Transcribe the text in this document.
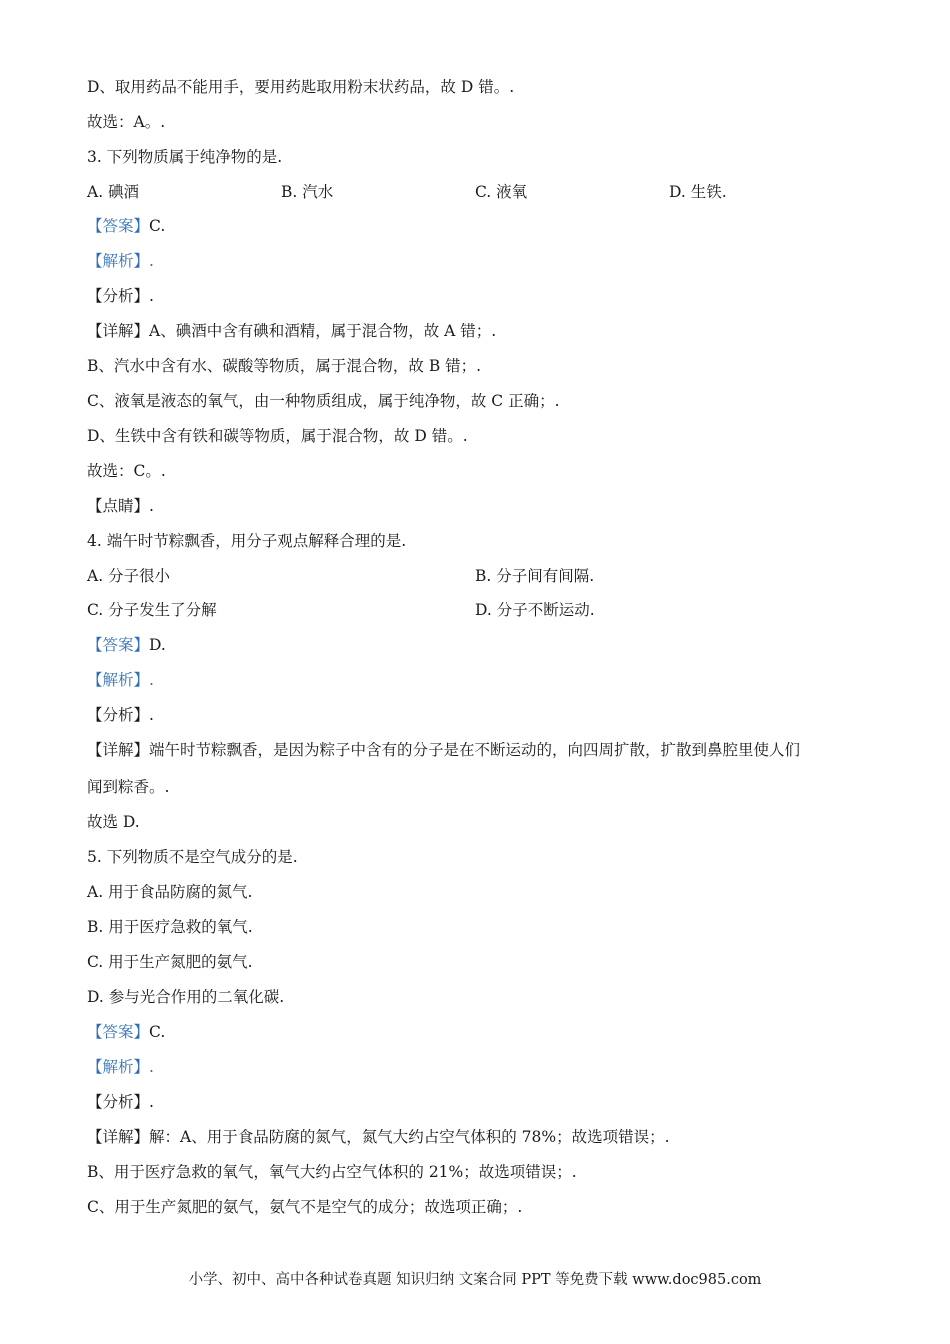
D、取用药品不能用手，要用药匙取用粉末状药品，故 D 错。.
故选：A。.
3. 下列物质属于纯净物的是.
A. 碘酒	B. 汽水	C. 液氧	D. 生铁.
【答案】C.
【解析】.
【分析】.
【详解】A、碘酒中含有碘和酒精，属于混合物，故 A 错；.
B、汽水中含有水、碳酸等物质，属于混合物，故 B 错；.
C、液氧是液态的氧气，由一种物质组成，属于纯净物，故 C 正确；.
D、生铁中含有铁和碳等物质，属于混合物，故 D 错。.
故选：C。.
【点睛】.
4. 端午时节粽飘香，用分子观点解释合理的是.
A. 分子很小	B. 分子间有间隔.
C. 分子发生了分解	D. 分子不断运动.
【答案】D.
【解析】.
【分析】.
【详解】端午时节粽飘香，是因为粽子中含有的分子是在不断运动的，向四周扩散，扩散到鼻腔里使人们
闻到粽香。.
故选 D.
5. 下列物质不是空气成分的是.
A. 用于食品防腐的氮气.
B. 用于医疗急救的氧气.
C. 用于生产氮肥的氨气.
D. 参与光合作用的二氧化碳.
【答案】C.
【解析】.
【分析】.
【详解】解：A、用于食品防腐的氮气，氮气大约占空气体积的 78%；故选项错误；.
B、用于医疗急救的氧气，氧气大约占空气体积的 21%；故选项错误；.
C、用于生产氮肥的氨气，氨气不是空气的成分；故选项正确；.
小学、初中、高中各种试卷真题 知识归纳 文案合同 PPT 等免费下载 www.doc985.com
